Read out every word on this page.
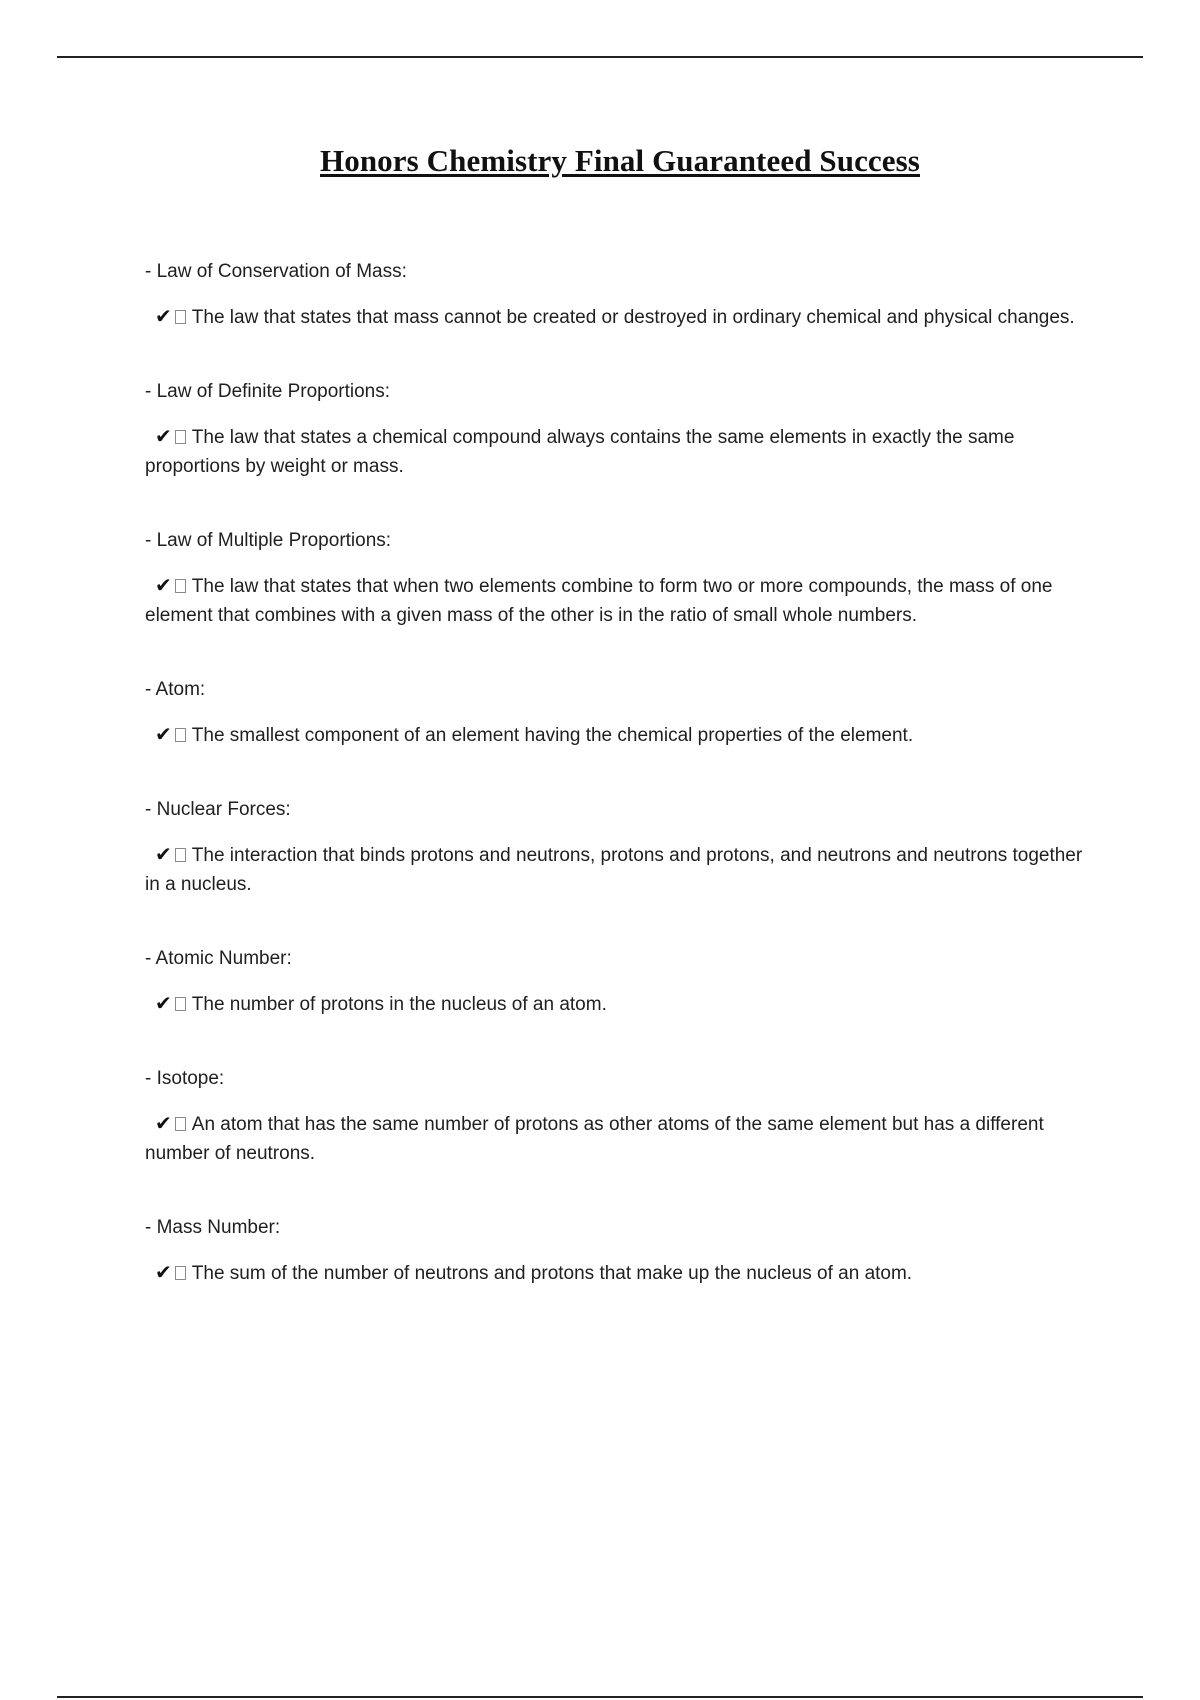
Honors Chemistry Final Guaranteed Success

- Law of Conservation of Mass:

✔ The law that states that mass cannot be created or destroyed in ordinary chemical and physical changes.

- Law of Definite Proportions:

✔ The law that states a chemical compound always contains the same elements in exactly the same proportions by weight or mass.

- Law of Multiple Proportions:

✔ The law that states that when two elements combine to form two or more compounds, the mass of one element that combines with a given mass of the other is in the ratio of small whole numbers.

- Atom:

✔ The smallest component of an element having the chemical properties of the element.

- Nuclear Forces:

✔ The interaction that binds protons and neutrons, protons and protons, and neutrons and neutrons together in a nucleus.

- Atomic Number:

✔ The number of protons in the nucleus of an atom.

- Isotope:

✔ An atom that has the same number of protons as other atoms of the same element but has a different number of neutrons.

- Mass Number:

✔ The sum of the number of neutrons and protons that make up the nucleus of an atom.
